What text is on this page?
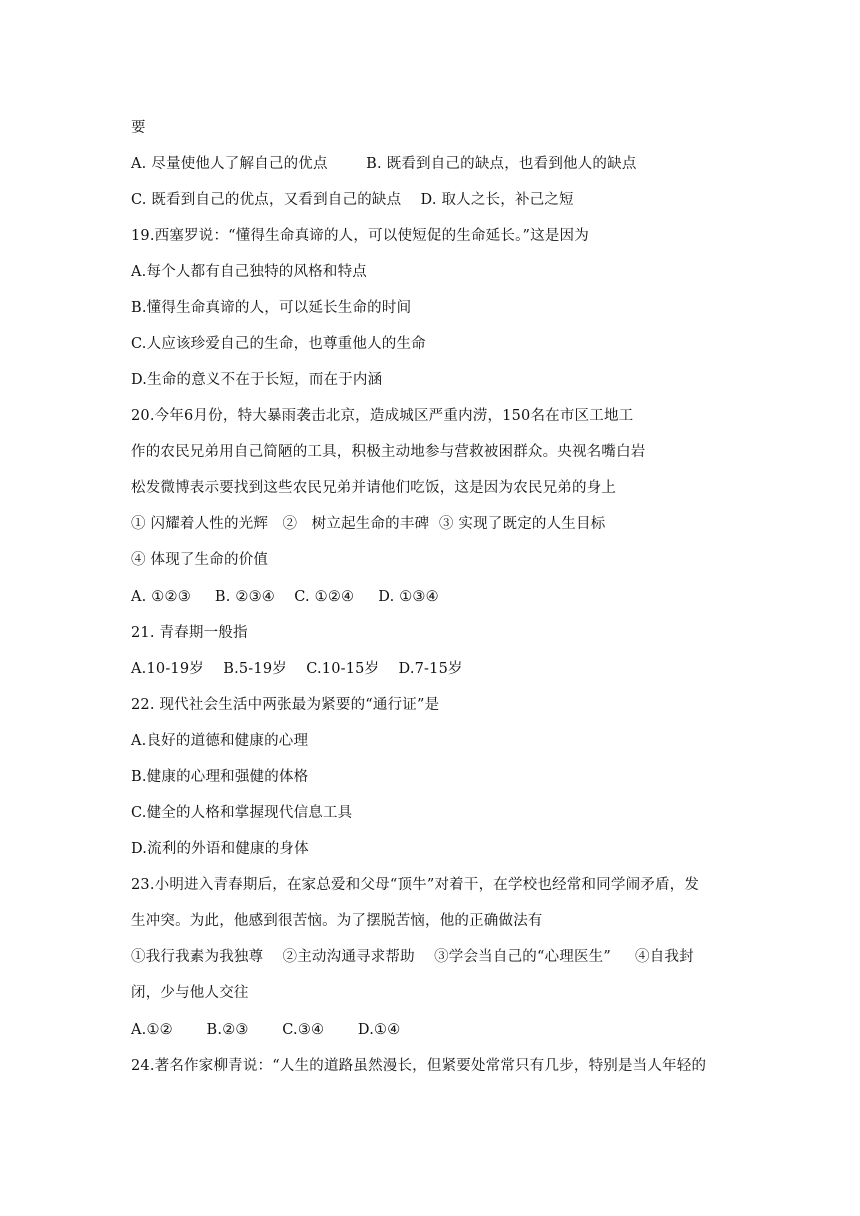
要
A. 尽量使他人了解自己的优点        B. 既看到自己的缺点，也看到他人的缺点
C. 既看到自己的优点，又看到自己的缺点    D. 取人之长，补己之短
19.西塞罗说：“懂得生命真谛的人，可以使短促的生命延长。”这是因为
A.每个人都有自己独特的风格和特点
B.懂得生命真谛的人，可以延长生命的时间
C.人应该珍爱自己的生命，也尊重他人的生命
D.生命的意义不在于长短，而在于内涵
20.今年6月份，特大暴雨袭击北京，造成城区严重内涝，150名在市区工地工
作的农民兄弟用自己简陋的工具，积极主动地参与营救被困群众。央视名嘴白岩
松发微博表示要找到这些农民兄弟并请他们吃饭，这是因为农民兄弟的身上
① 闪耀着人性的光辉   ②   树立起生命的丰碑  ③ 实现了既定的人生目标
④ 体现了生命的价值
A. ①②③     B. ②③④    C. ①②④     D. ①③④
21. 青春期一般指
A.10-19岁    B.5-19岁    C.10-15岁    D.7-15岁
22. 现代社会生活中两张最为紧要的“通行证”是
A.良好的道德和健康的心理
B.健康的心理和强健的体格
C.健全的人格和掌握现代信息工具
D.流利的外语和健康的身体
23.小明进入青春期后，在家总爱和父母“顶牛”对着干，在学校也经常和同学闹矛盾，发
生冲突。为此，他感到很苦恼。为了摆脱苦恼，他的正确做法有
①我行我素为我独尊    ②主动沟通寻求帮助    ③学会当自己的“心理医生”     ④自我封
闭，少与他人交往
A.①②       B.②③       C.③④       D.①④
24.著名作家柳青说：“人生的道路虽然漫长，但紧要处常常只有几步，特别是当人年轻的
